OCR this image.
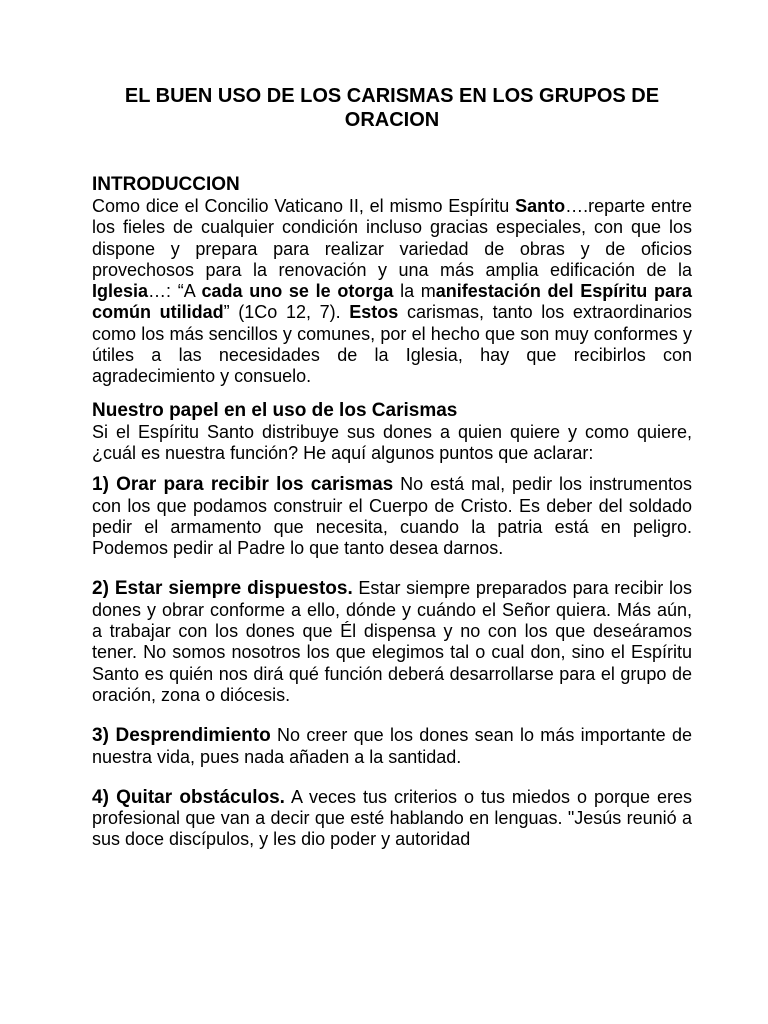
EL BUEN USO DE LOS CARISMAS EN LOS GRUPOS DE
ORACION
INTRODUCCION

Como dice el Concilio Vaticano II, el mismo Espíritu Santo….reparte entre los fieles de cualquier condición incluso gracias especiales, con que los dispone y prepara para realizar variedad de obras y de oficios provechosos para la renovación y una más amplia edificación de la Iglesia…: “A cada uno se le otorga la manifestación del Espíritu para común utilidad” (1Co 12, 7). Estos carismas, tanto los extraordinarios como los más sencillos y comunes, por el hecho que son muy conformes y útiles a las necesidades de la Iglesia, hay que recibirlos con agradecimiento y consuelo.

Nuestro papel en el uso de los Carismas

Si el Espíritu Santo distribuye sus dones a quien quiere y como quiere, ¿cuál es nuestra función? He aquí algunos puntos que aclarar:

1) Orar para recibir los carismas No está mal, pedir los instrumentos con los que podamos construir el Cuerpo de Cristo. Es deber del soldado pedir el armamento que necesita, cuando la patria está en peligro. Podemos pedir al Padre lo que tanto desea darnos.

2) Estar siempre dispuestos. Estar siempre preparados para recibir los dones y obrar conforme a ello, dónde y cuándo el Señor quiera. Más aún, a trabajar con los dones que Él dispensa y no con los que deseáramos tener. No somos nosotros los que elegimos tal o cual don, sino el Espíritu Santo es quién nos dirá qué función deberá desarrollarse para el grupo de oración, zona o diócesis.

3) Desprendimiento No creer que los dones sean lo más importante de nuestra vida, pues nada añaden a la santidad.

4) Quitar obstáculos. A veces tus criterios o tus miedos o porque eres profesional que van a decir que esté hablando en lenguas. "Jesús reunió a sus doce discípulos, y les dio poder y autoridad
